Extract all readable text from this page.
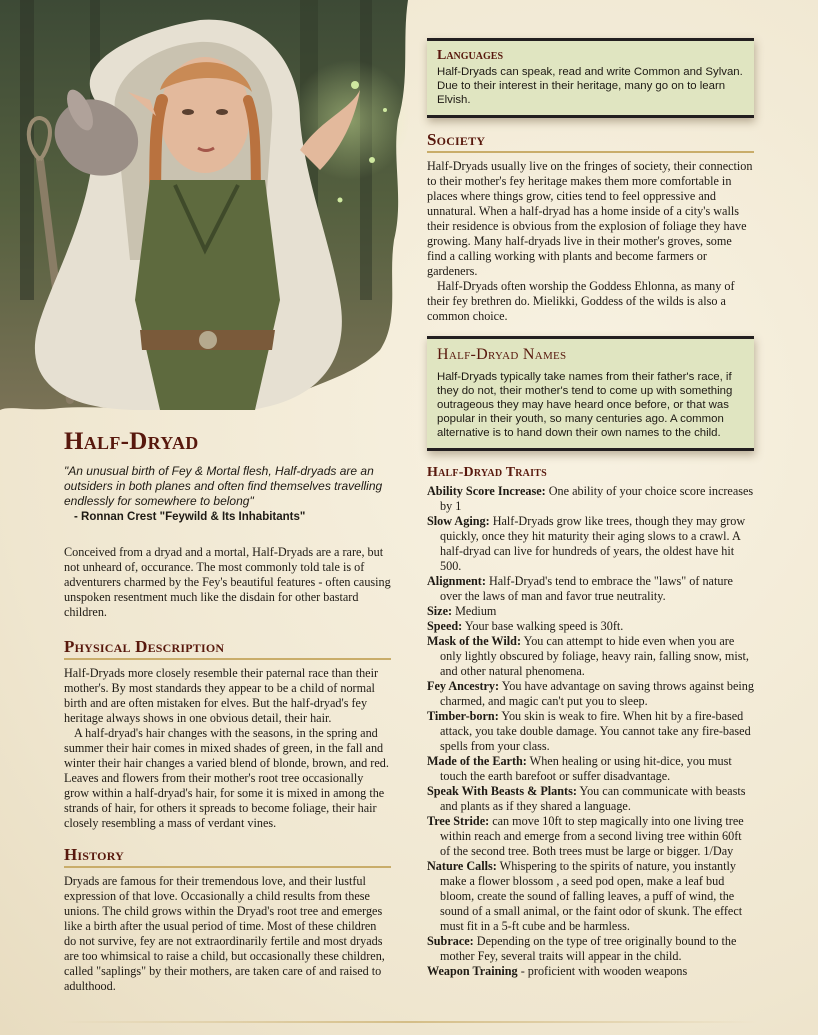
Half-Dryad

"An unusual birth of Fey & Mortal flesh, Half-dryads are an outsiders in both planes and often find themselves travelling endlessly for somewhere to belong"

- Ronnan Crest "Feywild & Its Inhabitants"

Conceived from a dryad and a mortal, Half-Dryads are a rare, but not unheard of, occurance. The most commonly told tale is of adventurers charmed by the Fey's beautiful features - often causing unspoken resentment much like the disdain for other bastard children.

Physical Description

Half-Dryads more closely resemble their paternal race than their mother's. By most standards they appear to be a child of normal birth and are often mistaken for elves. But the half-dryad's fey heritage always shows in one obvious detail, their hair.

A half-dryad's hair changes with the seasons, in the spring and summer their hair comes in mixed shades of green, in the fall and winter their hair changes a varied blend of blonde, brown, and red. Leaves and flowers from their mother's root tree occasionally grow within a half-dryad's hair, for some it is mixed in among the strands of hair, for others it spreads to become foliage, their hair closely resembling a mass of verdant vines.

History

Dryads are famous for their tremendous love, and their lustful expression of that love. Occasionally a child results from these unions. The child grows within the Dryad's root tree and emerges like a birth after the usual period of time. Most of these children do not survive, fey are not extraordinarily fertile and most dryads are too whimsical to raise a child, but occasionally these children, called "saplings" by their mothers, are taken care of and raised to adulthood.

Languages

Half-Dryads can speak, read and write Common and Sylvan. Due to their interest in their heritage, many go on to learn Elvish.

Society

Half-Dryads usually live on the fringes of society, their connection to their mother's fey heritage makes them more comfortable in places where things grow, cities tend to feel oppressive and unnatural. When a half-dryad has a home inside of a city's walls their residence is obvious from the explosion of foliage they have growing. Many half-dryads live in their mother's groves, some find a calling working with plants and become farmers or gardeners.

Half-Dryads often worship the Goddess Ehlonna, as many of their fey brethren do. Mielikki, Goddess of the wilds is also a common choice.

Half-Dryad Names

Half-Dryads typically take names from their father's race, if they do not, their mother's tend to come up with something outrageous they may have heard once before, or that was popular in their youth, so many centuries ago. A common alternative is to hand down their own names to the child.

Half-Dryad Traits

Ability Score Increase: One ability of your choice score increases by 1

Slow Aging: Half-Dryads grow like trees, though they may grow quickly, once they hit maturity their aging slows to a crawl. A half-dryad can live for hundreds of years, the oldest have hit 500.

Alignment: Half-Dryad's tend to embrace the "laws" of nature over the laws of man and favor true neutrality.

Size: Medium

Speed: Your base walking speed is 30ft.

Mask of the Wild: You can attempt to hide even when you are only lightly obscured by foliage, heavy rain, falling snow, mist, and other natural phenomena.

Fey Ancestry: You have advantage on saving throws against being charmed, and magic can't put you to sleep.

Timber-born: You skin is weak to fire. When hit by a fire-based attack, you take double damage. You cannot take any fire-based spells from your class.

Made of the Earth: When healing or using hit-dice, you must touch the earth barefoot or suffer disadvantage.

Speak With Beasts & Plants: You can communicate with beasts and plants as if they shared a language.

Tree Stride: can move 10ft to step magically into one living tree within reach and emerge from a second living tree within 60ft of the second tree. Both trees must be large or bigger. 1/Day

Nature Calls: Whispering to the spirits of nature, you instantly make a flower blossom , a seed pod open, make a leaf bud bloom, create the sound of falling leaves, a puff of wind, the sound of a small animal, or the faint odor of skunk. The effect must fit in a 5-ft cube and be harmless.

Subrace: Depending on the type of tree originally bound to the mother Fey, several traits will appear in the child.

Weapon Training - proficient with wooden weapons
